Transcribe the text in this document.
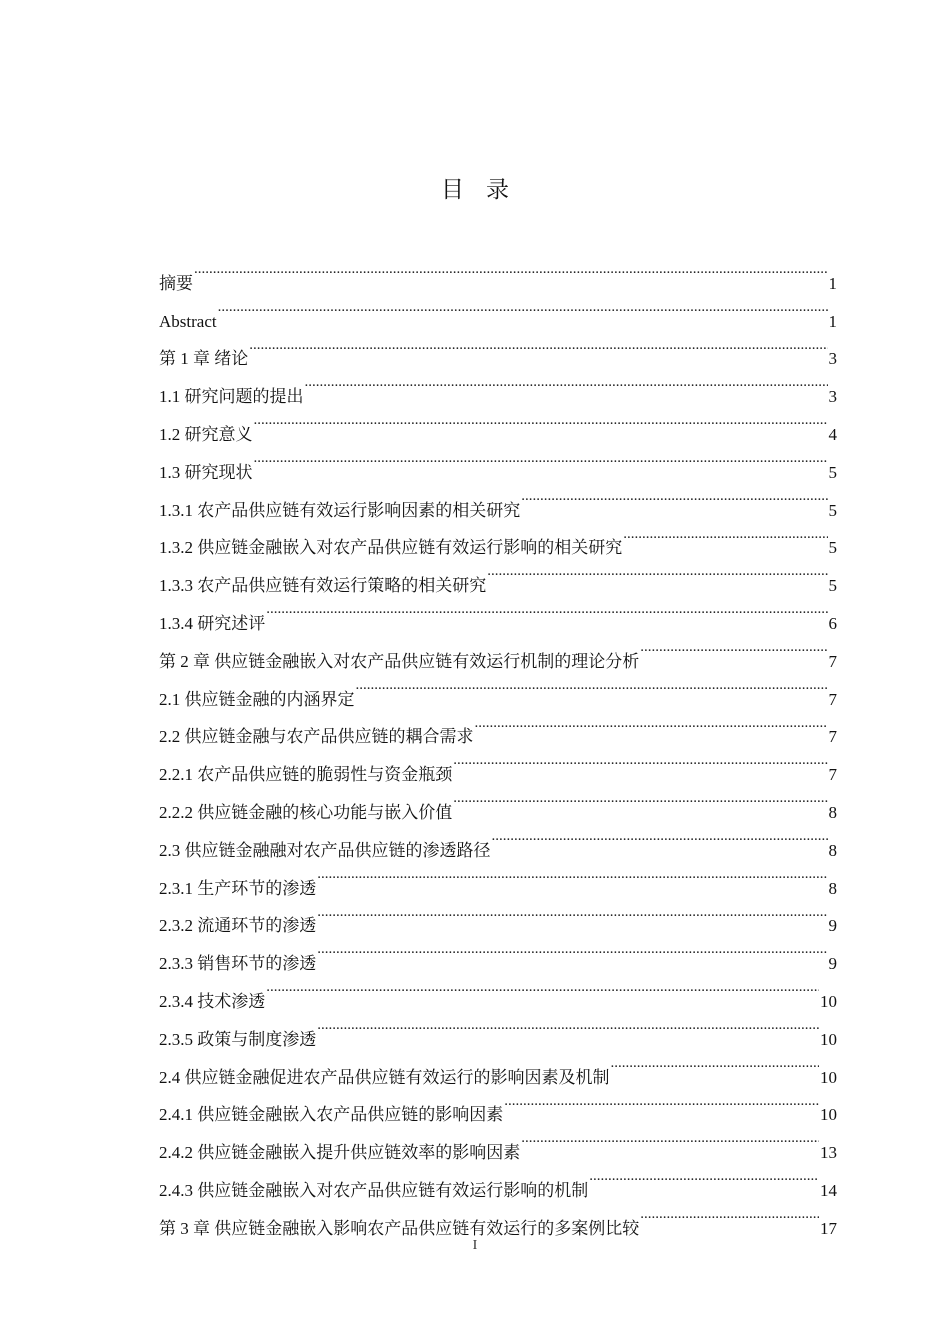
目录
摘要 .....	1
Abstract .....	1
第 1 章 绪论 .....	3
1.1 研究问题的提出 .....	3
1.2 研究意义 .....	4
1.3 研究现状 .....	5
1.3.1 农产品供应链有效运行影响因素的相关研究 .....	5
1.3.2 供应链金融嵌入对农产品供应链有效运行影响的相关研究 .....	5
1.3.3 农产品供应链有效运行策略的相关研究 .....	5
1.3.4 研究述评 .....	6
第 2 章 供应链金融嵌入对农产品供应链有效运行机制的理论分析 .....	7
2.1 供应链金融的内涵界定 .....	7
2.2 供应链金融与农产品供应链的耦合需求 .....	7
2.2.1 农产品供应链的脆弱性与资金瓶颈 .....	7
2.2.2 供应链金融的核心功能与嵌入价值 .....	8
2.3 供应链金融融对农产品供应链的渗透路径 .....	8
2.3.1 生产环节的渗透 .....	8
2.3.2 流通环节的渗透 .....	9
2.3.3 销售环节的渗透 .....	9
2.3.4 技术渗透 .....	10
2.3.5 政策与制度渗透 .....	10
2.4 供应链金融促进农产品供应链有效运行的影响因素及机制 .....	10
2.4.1 供应链金融嵌入农产品供应链的影响因素 .....	10
2.4.2 供应链金融嵌入提升供应链效率的影响因素 .....	13
2.4.3 供应链金融嵌入对农产品供应链有效运行影响的机制 .....	14
第 3 章 供应链金融嵌入影响农产品供应链有效运行的多案例比较 .....	17
I
